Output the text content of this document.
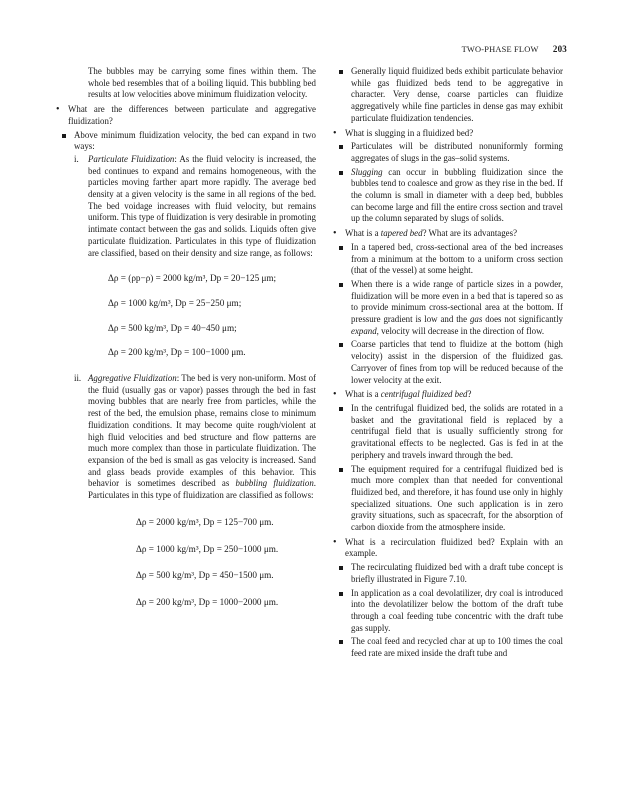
TWO-PHASE FLOW 203

The bubbles may be carrying some fines within them. The whole bed resembles that of a boiling liquid. This bubbling bed results at low velocities above minimum fluidization velocity.

• What are the differences between particulate and aggregative fluidization?

Above minimum fluidization velocity, the bed can expand in two ways:

i. Particulate Fluidization: As the fluid velocity is increased, the bed continues to expand and remains homogeneous, with the particles moving farther apart more rapidly. The average bed density at a given velocity is the same in all regions of the bed. The bed voidage increases with fluid velocity, but remains uniform. This type of fluidization is very desirable in promoting intimate contact between the gas and solids. Liquids often give particulate fluidization. Particulates in this type of fluidization are classified, based on their density and size range, as follows:

Δρ = (ρp−ρ) = 2000 kg/m³, Dp = 20−125 μm;

Δρ = 1000 kg/m³, Dp = 25−250 μm;

Δρ = 500 kg/m³, Dp = 40−450 μm;

Δρ = 200 kg/m³, Dp = 100−1000 μm.

ii. Aggregative Fluidization: The bed is very non-uniform. Most of the fluid (usually gas or vapor) passes through the bed in fast moving bubbles that are nearly free from particles, while the rest of the bed, the emulsion phase, remains close to minimum fluidization conditions. It may become quite rough/violent at high fluid velocities and bed structure and flow patterns are much more complex than those in particulate fluidization. The expansion of the bed is small as gas velocity is increased. Sand and glass beads provide examples of this behavior. This behavior is sometimes described as bubbling fluidization. Particulates in this type of fluidization are classified as follows:

Δρ = 2000 kg/m³, Dp = 125−700 μm.

Δρ = 1000 kg/m³, Dp = 250−1000 μm.

Δρ = 500 kg/m³, Dp = 450−1500 μm.

Δρ = 200 kg/m³, Dp = 1000−2000 μm.

Generally liquid fluidized beds exhibit particulate behavior while gas fluidized beds tend to be aggregative in character. Very dense, coarse particles can fluidize aggregatively while fine particles in dense gas may exhibit particulate fluidization tendencies.

• What is slugging in a fluidized bed?

Particulates will be distributed nonuniformly forming aggregates of slugs in the gas–solid systems.

Slugging can occur in bubbling fluidization since the bubbles tend to coalesce and grow as they rise in the bed. If the column is small in diameter with a deep bed, bubbles can become large and fill the entire cross section and travel up the column separated by slugs of solids.

• What is a tapered bed? What are its advantages?

In a tapered bed, cross-sectional area of the bed increases from a minimum at the bottom to a uniform cross section (that of the vessel) at some height.

When there is a wide range of particle sizes in a powder, fluidization will be more even in a bed that is tapered so as to provide minimum cross-sectional area at the bottom. If pressure gradient is low and the gas does not significantly expand, velocity will decrease in the direction of flow.

Coarse particles that tend to fluidize at the bottom (high velocity) assist in the dispersion of the fluidized gas. Carryover of fines from top will be reduced because of the lower velocity at the exit.

• What is a centrifugal fluidized bed?

In the centrifugal fluidized bed, the solids are rotated in a basket and the gravitational field is replaced by a centrifugal field that is usually sufficiently strong for gravitational effects to be neglected. Gas is fed in at the periphery and travels inward through the bed.

The equipment required for a centrifugal fluidized bed is much more complex than that needed for conventional fluidized bed, and therefore, it has found use only in highly specialized situations. One such application is in zero gravity situations, such as spacecraft, for the absorption of carbon dioxide from the atmosphere inside.

• What is a recirculation fluidized bed? Explain with an example.

The recirculating fluidized bed with a draft tube concept is briefly illustrated in Figure 7.10.

In application as a coal devolatilizer, dry coal is introduced into the devolatilizer below the bottom of the draft tube through a coal feeding tube concentric with the draft tube gas supply.

The coal feed and recycled char at up to 100 times the coal feed rate are mixed inside the draft tube and
